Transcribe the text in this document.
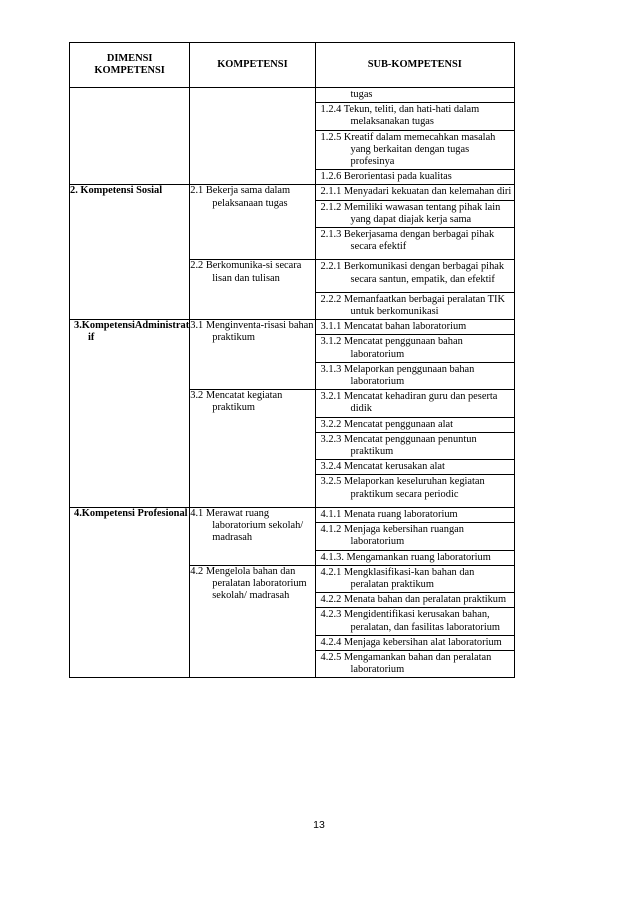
DIMENSI
KOMPETENSI	KOMPETENSI	SUB-KOMPETENSI

		tugas
1.2.4 Tekun, teliti, dan hati-hati dalam melaksanakan tugas
1.2.5 Kreatif dalam memecahkan masalah yang berkaitan dengan tugas profesinya
1.2.6 Berorientasi pada kualitas

2. Kompetensi Sosial	2.1 Bekerja sama dalam pelaksanaan tugas	2.1.1 Menyadari kekuatan dan kelemahan diri
2.1.2 Memiliki wawasan tentang pihak lain yang dapat diajak kerja sama
2.1.3 Bekerjasama dengan berbagai pihak secara efektif

	2.2 Berkomunika-si secara lisan dan tulisan	2.2.1 Berkomunikasi dengan berbagai pihak secara santun, empatik, dan efektif
2.2.2 Memanfaatkan berbagai peralatan TIK untuk berkomunikasi

3.KompetensiAdministratif	3.1 Menginventa-risasi bahan praktikum	3.1.1 Mencatat bahan laboratorium
3.1.2 Mencatat penggunaan bahan laboratorium
3.1.3 Melaporkan penggunaan bahan laboratorium

	3.2 Mencatat kegiatan praktikum	3.2.1 Mencatat kehadiran guru dan peserta didik
3.2.2 Mencatat penggunaan alat
3.2.3 Mencatat penggunaan penuntun praktikum
3.2.4 Mencatat kerusakan alat
3.2.5 Melaporkan keseluruhan kegiatan praktikum secara periodic

4.Kompetensi Profesional	4.1 Merawat ruang laboratorium sekolah/ madrasah	4.1.1 Menata ruang laboratorium
4.1.2 Menjaga kebersihan ruangan laboratorium
4.1.3. Mengamankan ruang laboratorium

	4.2 Mengelola bahan dan peralatan laboratorium sekolah/ madrasah	4.2.1 Mengklasifikasi-kan bahan dan peralatan praktikum
4.2.2 Menata bahan dan peralatan praktikum
4.2.3 Mengidentifikasi kerusakan bahan, peralatan, dan fasilitas laboratorium
4.2.4 Menjaga kebersihan alat laboratorium
4.2.5 Mengamankan bahan dan peralatan laboratorium
13
